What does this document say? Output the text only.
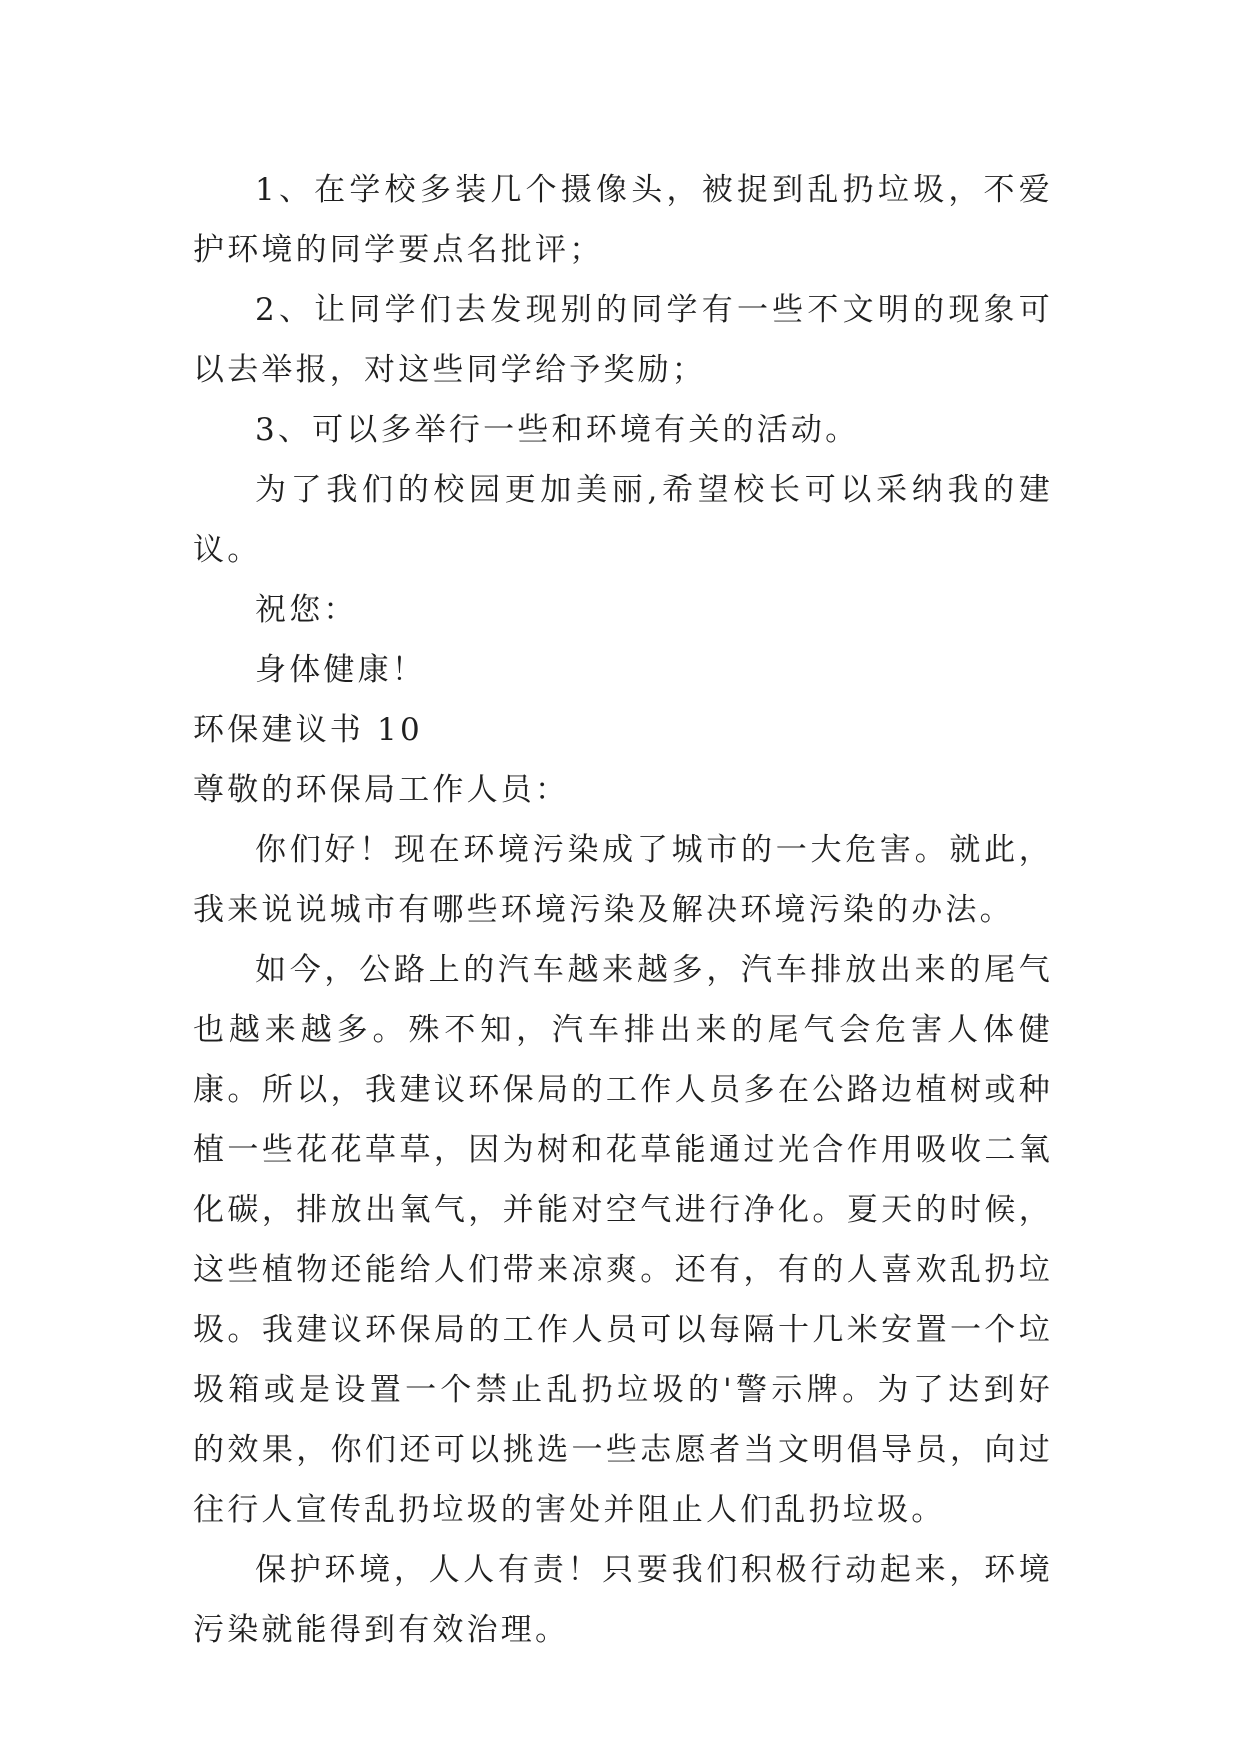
1、在学校多装几个摄像头，被捉到乱扔垃圾，不爱护环境的同学要点名批评；

2、让同学们去发现别的同学有一些不文明的现象可以去举报，对这些同学给予奖励；

3、可以多举行一些和环境有关的活动。

为了我们的校园更加美丽,希望校长可以采纳我的建议。

祝您：

身体健康！

环保建议书 10

尊敬的环保局工作人员：

你们好！现在环境污染成了城市的一大危害。就此，我来说说城市有哪些环境污染及解决环境污染的办法。

如今，公路上的汽车越来越多，汽车排放出来的尾气也越来越多。殊不知，汽车排出来的尾气会危害人体健康。所以，我建议环保局的工作人员多在公路边植树或种植一些花花草草，因为树和花草能通过光合作用吸收二氧化碳，排放出氧气，并能对空气进行净化。夏天的时候，这些植物还能给人们带来凉爽。还有，有的人喜欢乱扔垃圾。我建议环保局的工作人员可以每隔十几米安置一个垃圾箱或是设置一个禁止乱扔垃圾的'警示牌。为了达到好的效果，你们还可以挑选一些志愿者当文明倡导员，向过往行人宣传乱扔垃圾的害处并阻止人们乱扔垃圾。

保护环境，人人有责！只要我们积极行动起来，环境污染就能得到有效治理。
